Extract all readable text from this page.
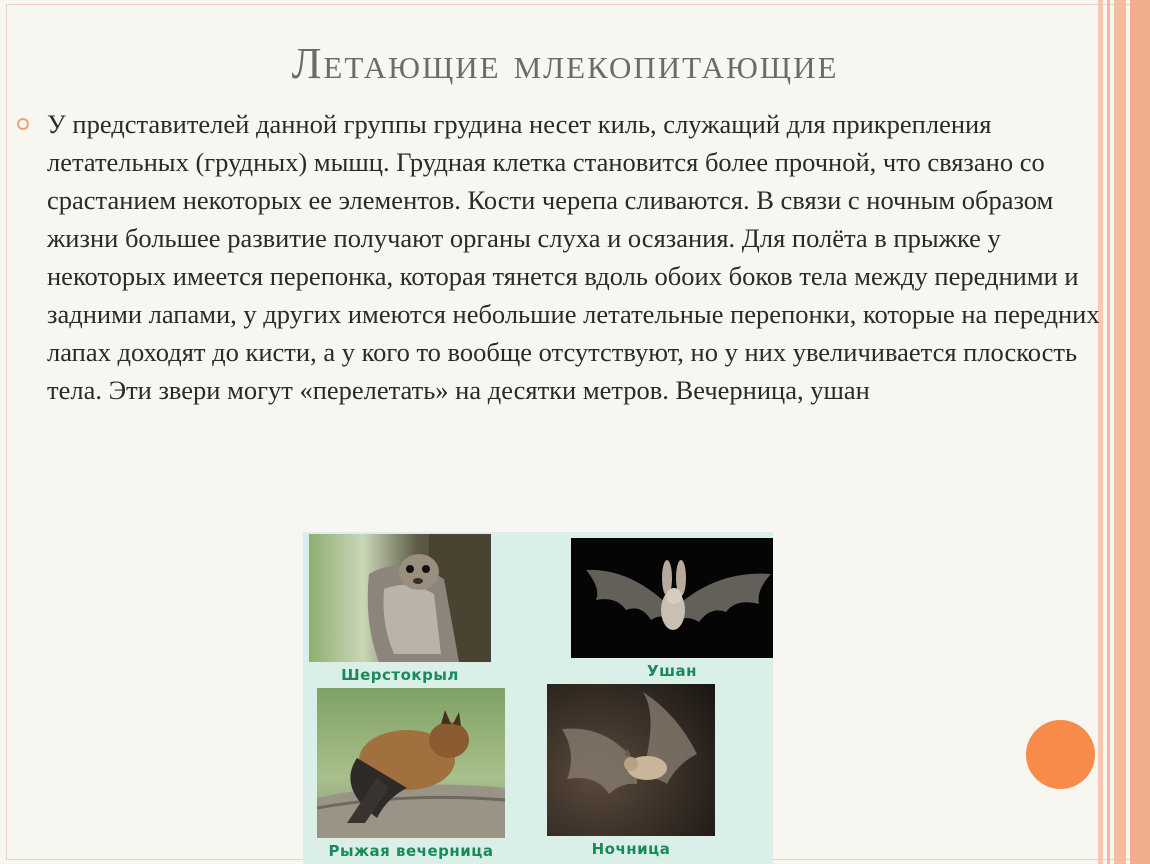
Летающие млекопитающие

У представителей данной группы грудина несет киль, служащий для прикрепления летательных (грудных) мышц. Грудная клетка становится более прочной, что связано со срастанием некоторых ее элементов. Кости черепа сливаются. В связи с ночным образом жизни большее развитие получают органы слуха и осязания. Для полёта в прыжке у некоторых имеется перепонка, которая тянется вдоль обоих боков тела между передними и задними лапами, у других имеются небольшие летательные перепонки, которые на передних лапах доходят до кисти, а у кого то вообще отсутствуют, но у них увеличивается плоскость тела. Эти звери могут «перелетать» на десятки метров. Вечерница, ушан

Шерстокрыл	Ушан
Рыжая вечерница	Ночница
